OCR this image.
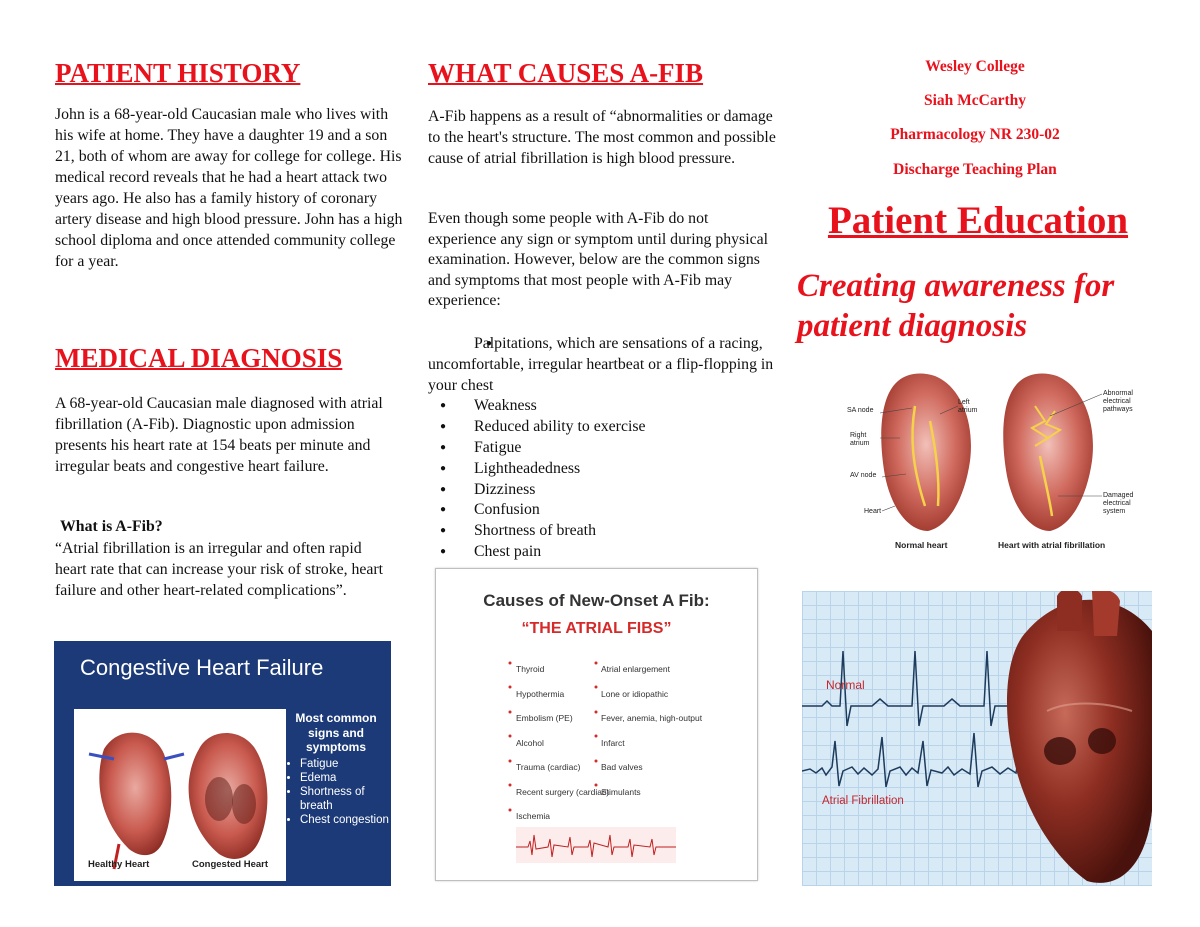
PATIENT HISTORY

John is a 68-year-old Caucasian male who lives with his wife at home. They have a daughter 19 and a son 21, both of whom are away for college for college. His medical record reveals that he had a heart attack two years ago. He also has a family history of coronary artery disease and high blood pressure. John has a high school diploma and once attended community college for a year.

MEDICAL DIAGNOSIS

A 68-year-old Caucasian male diagnosed with atrial fibrillation (A-Fib). Diagnostic upon admission presents his heart rate at 154 beats per minute and irregular beats and congestive heart failure.

What is A-Fib?

“Atrial fibrillation is an irregular and often rapid heart rate that can increase your risk of stroke, heart failure and other heart-related complications”.

Congestive Heart Failure
Healthy Heart	Congested Heart
Most common signs and symptoms
• Fatigue
• Edema
• Shortness of breath
• Chest congestion
WHAT CAUSES A-FIB

A-Fib happens as a result of “abnormalities or damage to the heart's structure. The most common and possible cause of atrial fibrillation is high blood pressure.

Even though some people with A-Fib do not experience any sign or symptom until during physical examination. However, below are the common signs and symptoms that most people with A-Fib may experience:

● Palpitations, which are sensations of a racing, uncomfortable, irregular heartbeat or a flip-flopping in your chest
● Weakness
● Reduced ability to exercise
● Fatigue
● Lightheadedness
● Dizziness
● Confusion
● Shortness of breath
● Chest pain
Causes of New-Onset A Fib:
“THE ATRIAL FIBS”
Thyroid
Hypothermia
Embolism (PE)
Alcohol
Trauma (cardiac)
Recent surgery (cardiac)
Ischemia
Atrial enlargement
Lone or idiopathic
Fever, anemia, high-output
Infarct
Bad valves
Stimulants

Wesley College

Siah McCarthy

Pharmacology NR 230-02

Discharge Teaching Plan

Patient Education

Creating awareness for patient diagnosis

SA node
Left atrium
Right atrium
AV node
Heart
Abnormal electrical pathways
Damaged electrical system
Normal heart	Heart with atrial fibrillation
Normal
Atrial Fibrillation
